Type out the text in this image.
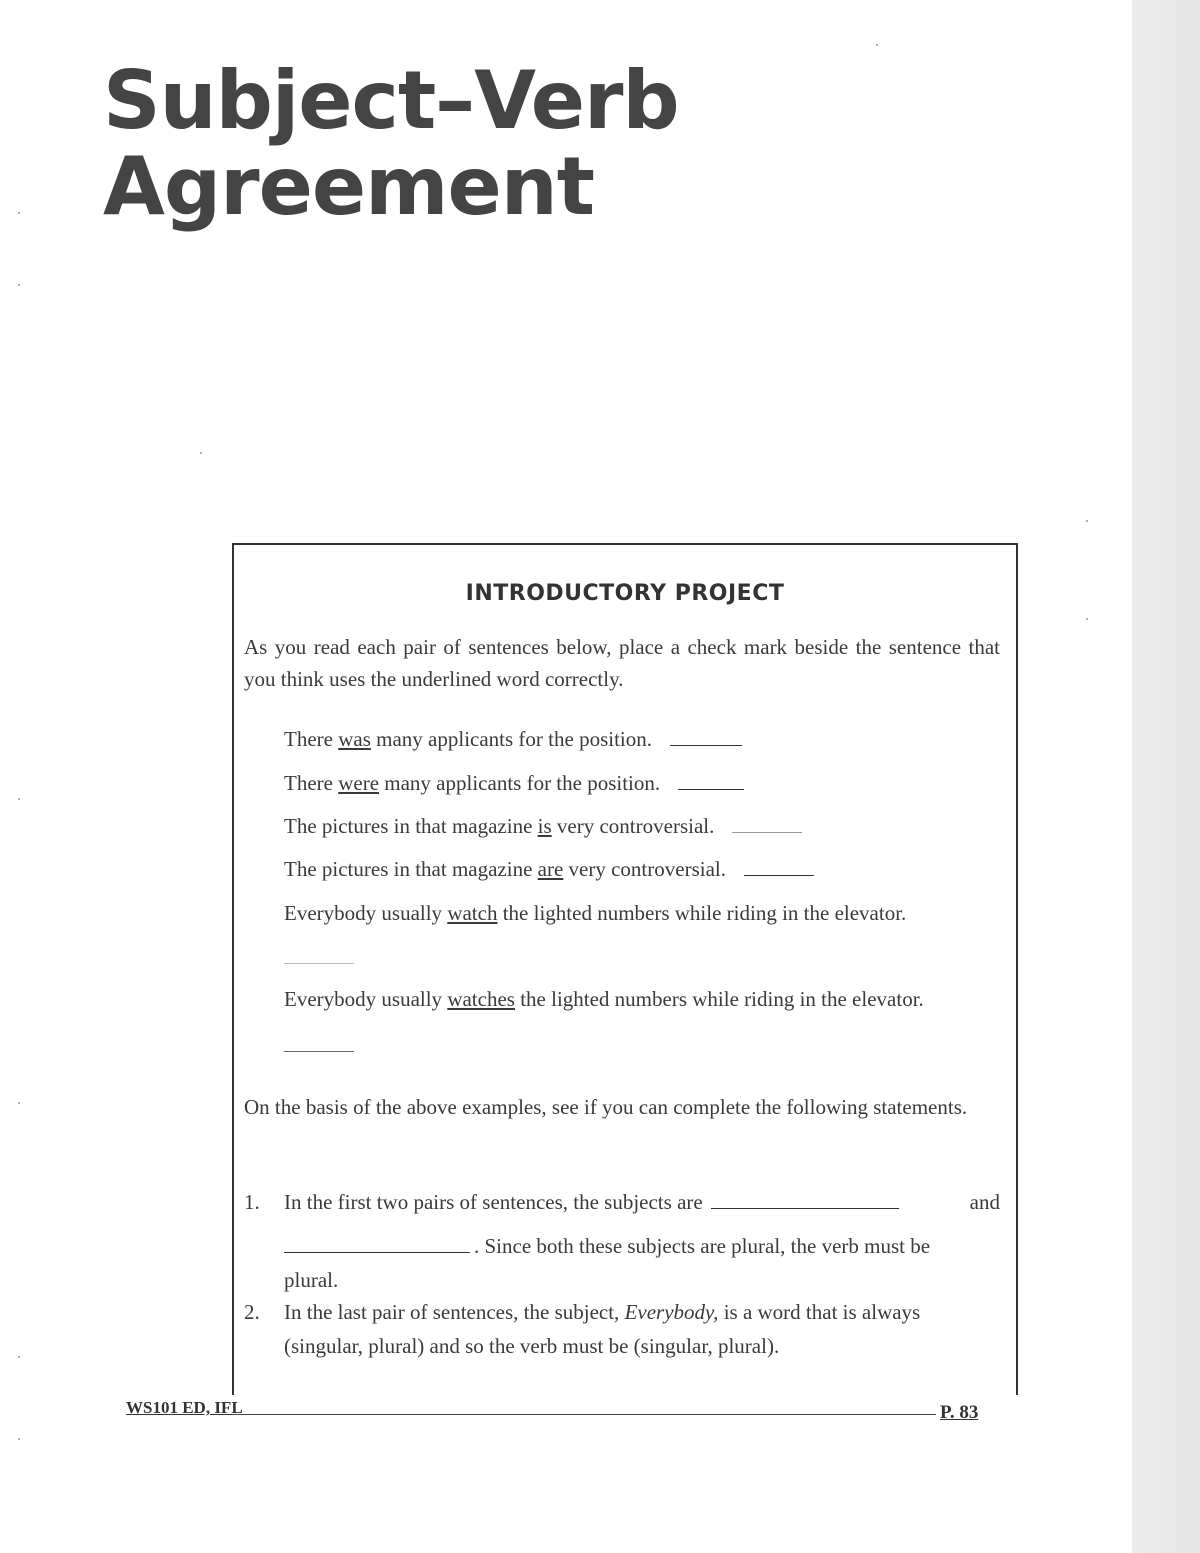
Subject–Verb
Agreement
INTRODUCTORY PROJECT

As you read each pair of sentences below, place a check mark beside the sentence that you think uses the underlined word correctly.

There was many applicants for the position.
There were many applicants for the position.
The pictures in that magazine is very controversial.
The pictures in that magazine are very controversial.
Everybody usually watch the lighted numbers while riding in the elevator.
Everybody usually watches the lighted numbers while riding in the elevator.

On the basis of the above examples, see if you can complete the following statements.

1.	In the first two pairs of sentences, the subjects are	and
. Since both these subjects are plural, the verb must be
plural.
2.	In the last pair of sentences, the subject, Everybody, is a word that is always
(singular, plural) and so the verb must be (singular, plural).
WS101 ED, IFL	P. 83
